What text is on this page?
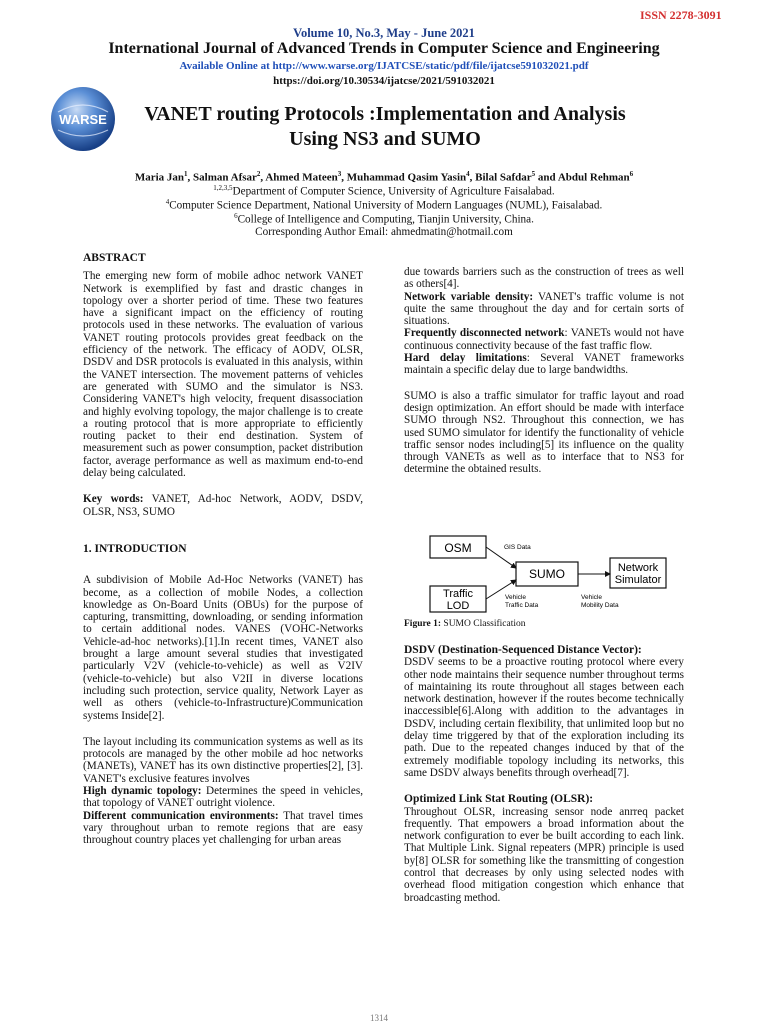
ISSN 2278-3091
Volume 10, No.3, May - June 2021
International Journal of Advanced Trends in Computer Science and Engineering
Available Online at http://www.warse.org/IJATCSE/static/pdf/file/ijatcse591032021.pdf
https://doi.org/10.30534/ijatcse/2021/591032021
WARSE	VANET routing Protocols :Implementation and Analysis
Using NS3 and SUMO
Maria Jan$^1$, Salman Afsar$^2$, Ahmed Mateen$^3$, Muhammad Qasim Yasin$^4$, Bilal Safdar$^5$ and Abdul Rehman$^6$
$^{1,2,3,5}$Department of Computer Science, University of Agriculture Faisalabad.
$^4$Computer Science Department, National University of Modern Languages (NUML), Faisalabad.
$^6$College of Intelligence and Computing, Tianjin University, China.
Corresponding Author Email: ahmedmatin@hotmail.com

ABSTRACT

The emerging new form of mobile adhoc network VANET Network is exemplified by fast and drastic changes in topology over a shorter period of time. These two features have a significant impact on the efficiency of routing protocols used in these networks. The evaluation of various VANET routing protocols provides great feedback on the efficiency of the network. The efficacy of AODV, OLSR, DSDV and DSR protocols is evaluated in this analysis, within the VANET intersection. The movement patterns of vehicles are generated with SUMO and the simulator is NS3. Considering VANET's high velocity, frequent disassociation and highly evolving topology, the major challenge is to create a routing protocol that is more appropriate to efficiently routing packet to their end destination. System of measurement such as power consumption, packet distribution factor, average performance as well as maximum end-to-end delay being calculated.

Key words: VANET, Ad-hoc Network, AODV, DSDV, OLSR, NS3, SUMO

1. INTRODUCTION

A subdivision of Mobile Ad-Hoc Networks (VANET) has become, as a collection of mobile Nodes, a collection knowledge as On-Board Units (OBUs) for the purpose of capturing, transmitting, downloading, or sending information to certain additional nodes. VANES (VOHC-Networks Vehicle-ad-hoc networks).[1].In recent times, VANET also brought a large amount several studies that investigated particularly V2V (vehicle-to-vehicle) as well as V2IV (vehicle-to-vehicle) but also V2II in diverse locations including such protection, service quality, Network Layer as well as others (vehicle-to-Infrastructure)Communication systems Inside[2].

The layout including its communication systems as well as its protocols are managed by the other mobile ad hoc networks (MANETs), VANET has its own distinctive properties[2], [3]. VANET's exclusive features involves

High dynamic topology: Determines the speed in vehicles, that topology of VANET outright violence.

Different communication environments: That travel times vary throughout urban to remote regions that are easy throughout country places yet challenging for urban areas

due towards barriers such as the construction of trees as well as others[4].

Network variable density: VANET's traffic volume is not quite the same throughout the day and for certain sorts of situations.

Frequently disconnected network: VANETs would not have continuous connectivity because of the fast traffic flow.

Hard delay limitations: Several VANET frameworks maintain a specific delay due to large bandwidths.

SUMO is also a traffic simulator for traffic layout and road design optimization. An effort should be made with interface SUMO through NS2. Throughout this connection, we has used SUMO simulator for identify the functionality of vehicle traffic sensor nodes including[5] its influence on the quality through VANETs as well as to interface that to NS3 for determine the obtained results.

OSM
Traffic
LOD
SUMO	Network
Simulator
GIS Data
Vehicle
Traffic Data
Vehicle
Mobility Data
Figure 1: SUMO Classification

DSDV (Destination-Sequenced Distance Vector):

DSDV seems to be a proactive routing protocol where every other node maintains their sequence number throughout terms of maintaining its route throughout all stages between each network destination, however if the routes become technically inaccessible[6].Along with addition to the advantages in DSDV, including certain flexibility, that unlimited loop but no delay time triggered by that of the exploration including its path. Due to the repeated changes induced by that of the extremely modifiable topology including its networks, this same DSDV always benefits through overhead[7].

Optimized Link Stat Routing (OLSR):

Throughout OLSR, increasing sensor node anrreq packet frequently. That empowers a broad information about the network configuration to ever be built according to each link. That Multiple Link. Signal repeaters (MPR) principle is used by[8] OLSR for something like the transmitting of congestion control that decreases by only using selected nodes with overhead flood mitigation congestion which enhance that broadcasting method.

1314
